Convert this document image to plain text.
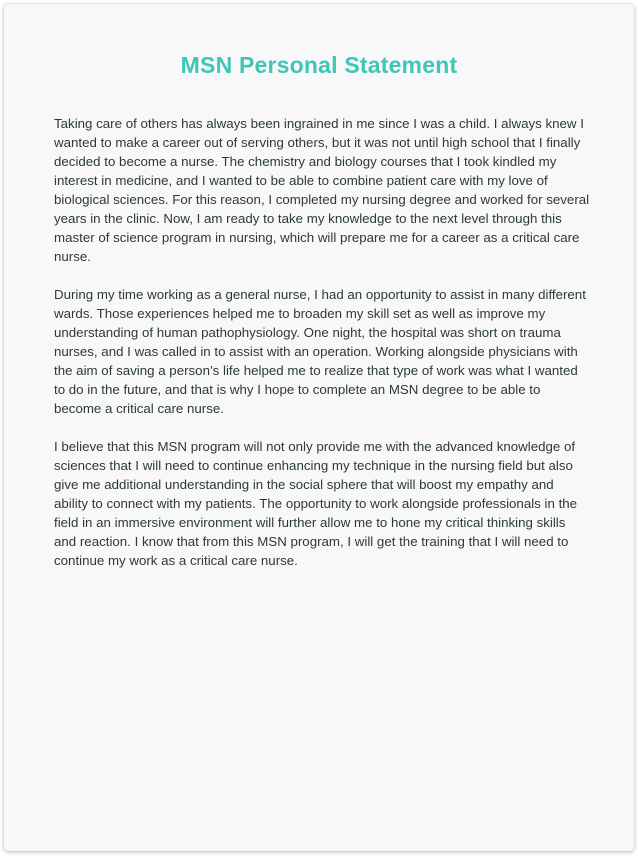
MSN Personal Statement

Taking care of others has always been ingrained in me since I was a child. I always knew I wanted to make a career out of serving others, but it was not until high school that I finally decided to become a nurse. The chemistry and biology courses that I took kindled my interest in medicine, and I wanted to be able to combine patient care with my love of biological sciences. For this reason, I completed my nursing degree and worked for several years in the clinic. Now, I am ready to take my knowledge to the next level through this master of science program in nursing, which will prepare me for a career as a critical care nurse.

During my time working as a general nurse, I had an opportunity to assist in many different wards. Those experiences helped me to broaden my skill set as well as improve my understanding of human pathophysiology. One night, the hospital was short on trauma nurses, and I was called in to assist with an operation. Working alongside physicians with the aim of saving a person’s life helped me to realize that type of work was what I wanted to do in the future, and that is why I hope to complete an MSN degree to be able to become a critical care nurse.

I believe that this MSN program will not only provide me with the advanced knowledge of sciences that I will need to continue enhancing my technique in the nursing field but also give me additional understanding in the social sphere that will boost my empathy and ability to connect with my patients. The opportunity to work alongside professionals in the field in an immersive environment will further allow me to hone my critical thinking skills and reaction. I know that from this MSN program, I will get the training that I will need to continue my work as a critical care nurse.
